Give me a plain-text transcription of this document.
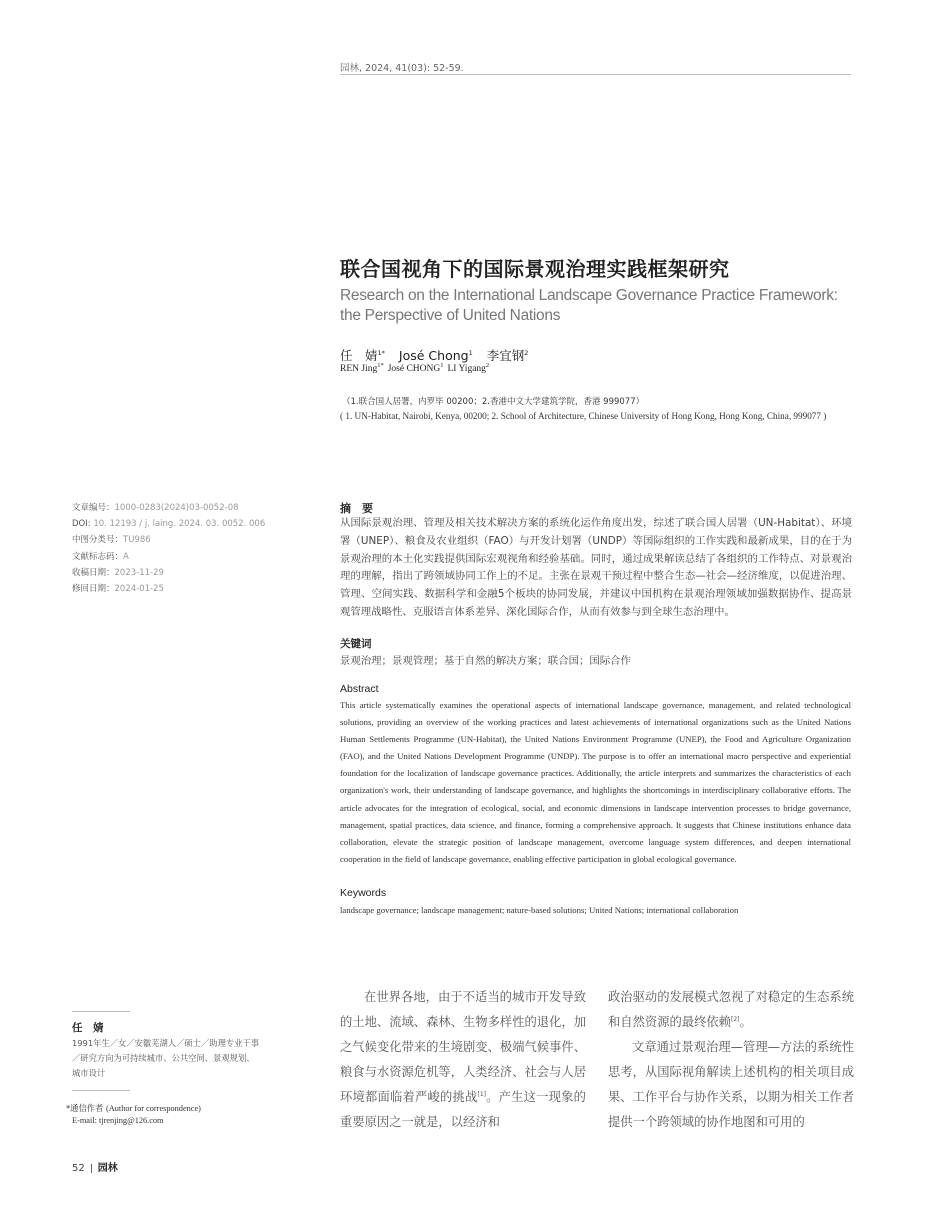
园林, 2024, 41(03): 52-59.
联合国视角下的国际景观治理实践框架研究
Research on the International Landscape Governance Practice Framework: the Perspective of United Nations
任　婧$^{1*}$ José Chong$^1$ 李宜钢$^2$
REN Jing$^{1*}$ José CHONG$^1$ LI Yigang$^2$
（1.联合国人居署，内罗毕 00200；2.香港中文大学建筑学院，香港 999077）
( 1. UN-Habitat, Nairobi, Kenya, 00200; 2. School of Architecture, Chinese University of Hong Kong, Hong Kong, China, 999077 )
文章编号：1000-0283(2024)03-0052-08
DOI: 10. 12193 / j. laing. 2024. 03. 0052. 006
中图分类号：TU986
文献标志码：A
收稿日期：2023-11-29
修回日期：2024-01-25
摘　要
从国际景观治理、管理及相关技术解决方案的系统化运作角度出发，综述了联合国人居署（UN-Habitat）、环境署（UNEP）、粮食及农业组织（FAO）与开发计划署（UNDP）等国际组织的工作实践和最新成果，目的在于为景观治理的本土化实践提供国际宏观视角和经验基础。同时，通过成果解读总结了各组织的工作特点、对景观治理的理解，指出了跨领域协同工作上的不足。主张在景观干预过程中整合生态—社会—经济维度，以促进治理、管理、空间实践、数据科学和金融5个板块的协同发展，并建议中国机构在景观治理领域加强数据协作、提高景观管理战略性、克服语言体系差异、深化国际合作，从而有效参与到全球生态治理中。
关键词
景观治理；景观管理；基于自然的解决方案；联合国；国际合作
Abstract
This article systematically examines the operational aspects of international landscape governance, management, and related technological solutions, providing an overview of the working practices and latest achievements of international organizations such as the United Nations Human Settlements Programme (UN-Habitat), the United Nations Environment Programme (UNEP), the Food and Agriculture Organization (FAO), and the United Nations Development Programme (UNDP). The purpose is to offer an international macro perspective and experiential foundation for the localization of landscape governance practices. Additionally, the article interprets and summarizes the characteristics of each organization's work, their understanding of landscape governance, and highlights the shortcomings in interdisciplinary collaborative efforts. The article advocates for the integration of ecological, social, and economic dimensions in landscape intervention processes to bridge governance, management, spatial practices, data science, and finance, forming a comprehensive approach. It suggests that Chinese institutions enhance data collaboration, elevate the strategic position of landscape management, overcome language system differences, and deepen international cooperation in the field of landscape governance, enabling effective participation in global ecological governance.
Keywords
landscape governance; landscape management; nature-based solutions; United Nations; international collaboration
在世界各地，由于不适当的城市开发导致的土地、流域、森林、生物多样性的退化，加之气候变化带来的生境剧变、极端气候事件、粮食与水资源危机等，人类经济、社会与人居环境都面临着严峻的挑战[1]。产生这一现象的重要原因之一就是，以经济和
政治驱动的发展模式忽视了对稳定的生态系统和自然资源的最终依赖[2]。
文章通过景观治理—管理—方法的系统性思考，从国际视角解读上述机构的相关项目成果、工作平台与协作关系，以期为相关工作者提供一个跨领域的协作地图和可用的
任　婧
1991年生／女／安徽芜湖人／硕士／助理专业干事／研究方向为可持续城市、公共空间、景观规划、城市设计
*通信作者 (Author for correspondence)
E-mail: tjrenjing@126.com
52 园林
